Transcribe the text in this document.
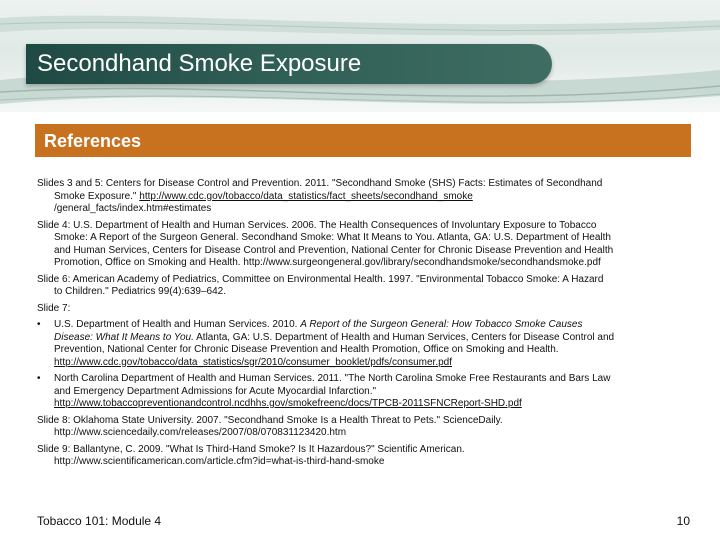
Secondhand Smoke Exposure
References
Slides 3 and 5: Centers for Disease Control and Prevention. 2011. "Secondhand Smoke (SHS) Facts: Estimates of Secondhand
Smoke Exposure." http://www.cdc.gov/tobacco/data_statistics/fact_sheets/secondhand_smoke
/general_facts/index.htm#estimates
Slide 4: U.S. Department of Health and Human Services. 2006. The Health Consequences of Involuntary Exposure to Tobacco
Smoke: A Report of the Surgeon General. Secondhand Smoke: What It Means to You. Atlanta, GA: U.S. Department of Health
and Human Services, Centers for Disease Control and Prevention, National Center for Chronic Disease Prevention and Health
Promotion, Office on Smoking and Health. http://www.surgeongeneral.gov/library/secondhandsmoke/secondhandsmoke.pdf
Slide 6: American Academy of Pediatrics, Committee on Environmental Health. 1997. "Environmental Tobacco Smoke: A Hazard
to Children." Pediatrics 99(4):639–642.
Slide 7:
• U.S. Department of Health and Human Services. 2010. A Report of the Surgeon General: How Tobacco Smoke Causes
Disease: What It Means to You. Atlanta, GA: U.S. Department of Health and Human Services, Centers for Disease Control and
Prevention, National Center for Chronic Disease Prevention and Health Promotion, Office on Smoking and Health.
http://www.cdc.gov/tobacco/data_statistics/sgr/2010/consumer_booklet/pdfs/consumer.pdf
• North Carolina Department of Health and Human Services. 2011. "The North Carolina Smoke Free Restaurants and Bars Law
and Emergency Department Admissions for Acute Myocardial Infarction."
http://www.tobaccopreventionandcontrol.ncdhhs.gov/smokefreenc/docs/TPCB-2011SFNCReport-SHD.pdf
Slide 8: Oklahoma State University. 2007. "Secondhand Smoke Is a Health Threat to Pets." ScienceDaily.
http://www.sciencedaily.com/releases/2007/08/070831123420.htm
Slide 9: Ballantyne, C. 2009. "What Is Third-Hand Smoke? Is It Hazardous?" Scientific American.
http://www.scientificamerican.com/article.cfm?id=what-is-third-hand-smoke
Tobacco 101: Module 4	10
